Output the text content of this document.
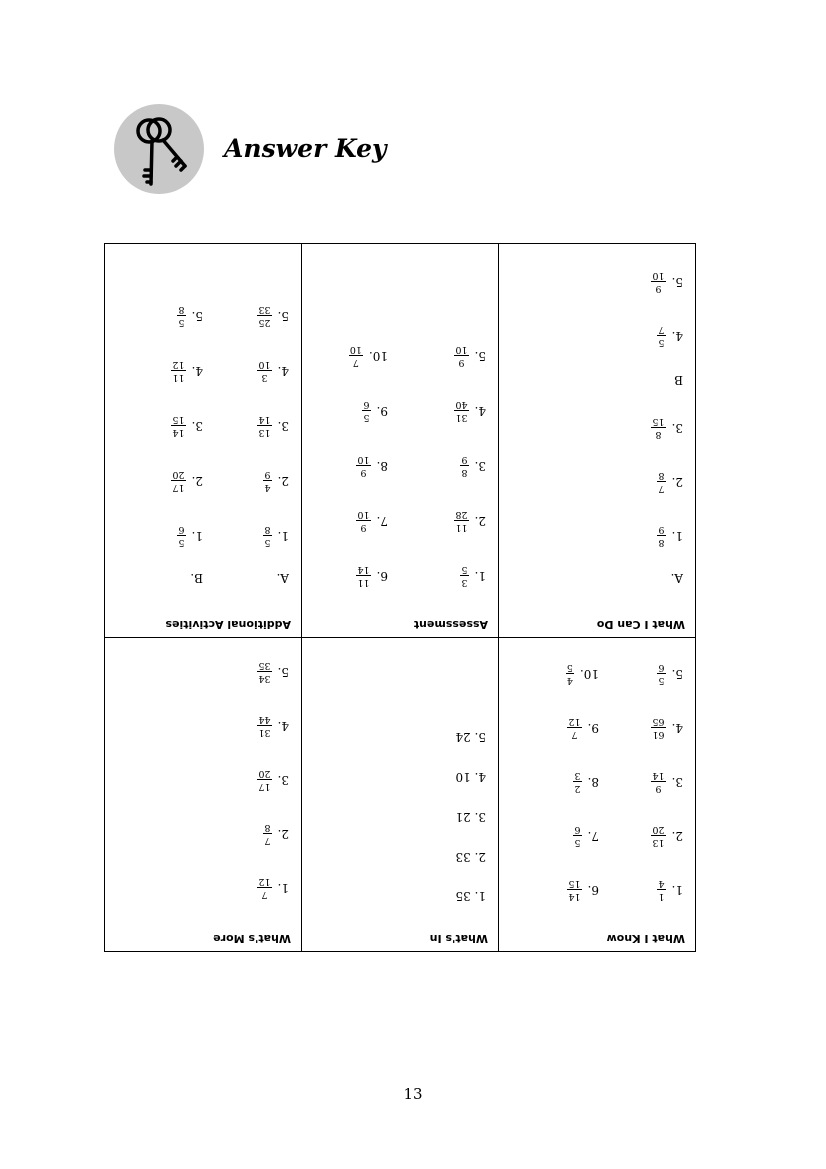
Answer Key
What I Know
1.
1
4
2.
13
20
3.
9
14
4.
61
65
5.
5
6
6.
14
15
7.
5
6
8.
2
3
9.
7
12
10.
4
5
What's In
1. 35
2. 33
3. 21
4. 10
5. 24
What's More
1.
7
12
2.
7
8
3.
17
20
4.
31
44
5.
34
35
What I Can Do
A.
1.
8
9
2.
7
8
3.
8
15
B
4.
5
7
5.
9
10
Assessment
1.
3
5
2.
11
28
3.
8
9
4.
31
40
5.
9
10
6.
11
14
7.
9
10
8.
9
10
9.
5
6
10.
7
10
Additional Activities
A.
B.
1.
5
8
2.
4
9
3.
13
14
4.
3
10
5.
25
33
1.
5
6
2.
17
20
3.
14
15
4.
11
12
5.
5
8
13
